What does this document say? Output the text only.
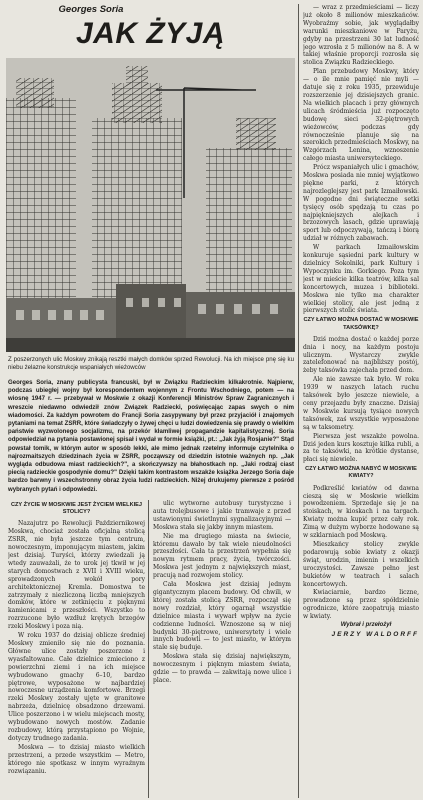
Georges Soria
JAK ŻYJĄ
Z poszerzonych ulic Moskwy znikają resztki małych domków sprzed Rewolucji. Na ich miejsce pnę się ku niebu żelazne konstrukcje wspaniałych wieżowców
Georges Soria, znany publicysta francuski, był w Związku Radzieckim kilkakrotnie. Najpierw, podczas ubiegłej wojny był korespondentem wojennym z Frontu Wschodniego, potem — na wiosnę 1947 r. — przebywał w Moskwie z okazji Konferencji Ministrów Spraw Zagranicznych i wreszcie niedawno odwiedził znów Związek Radziecki, poświęcając zapas swych o nim wiadomości. Za każdym powrotem do Francji Soria zasypywany był przez przyjaciół i znajomych pytaniami na temat ZSRR, które świadczyły o żywej chęci u ludzi dowiedzenia się prawdy o wielkim państwie wyzwolonego socjalizmu, na przekór kłamliwej propagandzie kapitalistycznej. Soria odpowiedział na pytania postawionej spisał i wydał w formie książki, pt.: „Jak żyją Rosjanie?" Stąd powstał tomik, w którym autor w sposób lekki, ale mimo jednak rzetelny informuje czytelnika o najrozmaitszych dziedzinach życia w ZSRR, począwszy od dziedzin istotnie ważnych np. „Jak wygląda odbudowa miast radzieckich?", a skończywszy na błahostkach np. „Jaki rodzaj ciast piecią radzieckie gospodynie domu?" Dzięki takim kontrastom wszakże książka Jerzego Soria daje bardzo barwny i wszechstronny obraz życia ludzi radzieckich. Niżej drukujemy pierwsze z pośród wybranych pytań i odpowiedzi.
CZY ŻYCIE W MOSKWIE JEST ŻYCIEM WIELKIEJ STOLICY?

Nazajutrz po Rewolucji Październikowej Moskwa, chociaż została oficjalną stolicą ZSRR, nie była jeszcze tym centrum, nowoczesnym, imponującym miastem, jakim jest dzisiaj. Turyści, którzy zwiedzali ją wtedy zauważali, że to urok jej tkwił w jej starych domostwach z XVII i XVIII wieku, sprowadzonych wokół pory architektonicznej Kremla. Domostwa te zatrzymały z niezliczoną liczbą mniejszych domków, które w zetknięciu z pięknymi kamienicami z przeszłości. Wszystko to rozrzucone było wzdłuż krętych brzegów rzeki Moskwy i poza nią.

W roku 1937 do dzisiaj oblicze średniej Moskwy zmieniło się nie do poznania. Główne ulice zostały poszerzone i wyasfaltowane. Całe dzielnice zmieciono z powierzchni ziemi i na ich miejsce wybudowano gmachy 6–10, bardzo piętrowe, wyposażone w najbardziej nowoczesne urządzenia komfortowe. Brzegi rzeki Moskwy zostały ujęte w granitowe nabrzeża, dzielnicę obsadzono drzewami. Ulice poszerzono i w wielu miejscach mosty, wybudowano nowych mostów. Zadanie rozbudowy, którą przystąpiono po Wojnie, dotyczy trudnego zadania.

Moskwa — to dzisiaj miasto wielkich przestrzeni, a przede wszystkim — Metro, którego nie spotkasz w innym wyraźnym rozwiązaniu.

ulic wytworne autobusy turystyczne i auta trolejbusowe i jakie tramwaje z przed ustawionymi świetlnymi sygnalizacyjnymi — Moskwa stała się jakby innym miastem.

Nie ma drugiego miasta na świecie, któremu dawało by tak wiele nieudolności przeszłości. Cała ta przestrzeń wypełnia się nowym rytmem pracy, życia, twórczości. Moskwa jest jednym z największych miast, pracują nad rozwojem stolicy.

Cała Moskwa jest dzisiaj jednym gigantycznym placem budowy. Od chwili, w której została stolicą ZSRR, rozpoczął się nowy rozdział, który ogarnął wszystkie dzielnice miasta i wywarł wpływ na życie codzienne ludności. Wznoszone są w niej budynki 30-piętrowe, uniwersytety i wiele innych budowli — to jest miasto, w którym stale się buduje.

Moskwa stała się dzisiaj największym, nowoczesnym i pięknym miastem świata, gdzie — to prawda — zakwitają nowe ulice i place.

— wraz z przedmieściami — liczy już około 8 milionów mieszkańców. Wyobraźmy sobie, jak wyglądałby warunki mieszkaniowe w Paryżu, gdyby na przestrzeni 30 lat ludność jego wzrosła z 5 milionów na 8. A w takiej właśnie proporcji rozrosła się stolica Związku Radzieckiego.

Plan przebudowy Moskwy, który — o ile mnie pamięć nie myli — datuje się z roku 1935, przewiduje rozszerzenie jej dzisiejszych granic. Na wielkich placach i przy głównych ulicach śródmieścia już rozpoczęto budowę sieci 32-piętrowych wieżowców, podczas gdy równocześnie planuje się na szerokich przedmieściach Moskwy, na Wzgórzach Lenina, wznoszenie całego miasta uniwersyteckiego.

Prócz wspaniałych ulic i gmachów, Moskwa posiada nie mniej wyjątkowo piękne parki, z których najrozleglejszy jest park Izmaiłowski. W pogodne dni świąteczne setki tysięcy osób spędzają tu czas po najpiękniejszych alejkach i brzozowych lasach, gdzie uprawiają sport lub odpoczywają, tańczą i biorą udział w różnych zabawach.

W parkach Izmaiłowskim konkuruje sąsiedni park kultury w dzielnicy Sokolniki, park Kultury i Wypoczynku im. Gorkiego. Poza tym jest w mieście kilka teatrów, kilka sal koncertowych, muzea i biblioteki. Moskwa nie tylko ma charakter wielkiej stolicy, ale jest jedną z pierwszych stolic świata.

CZY ŁATWO MOŻNA DOSTAĆ W MOSKWIE TAKSÓWKĘ?

Dziś można dostać o każdej porze dnia i nocy, na każdym postoju ulicznym. Wystarczy zwykle zatelefonować na najbliższy postój, żeby taksówka zajechała przed dom.

Ale nie zawsze tak było. W roku 1939 w naszych latach ruchu taksówek było jeszcze niewiele, a ceny przejazdu były znaczne. Dzisiaj w Moskwie kursują tysiące nowych taksówek, zaś wszystkie wyposażone są w taksometry.

Pierwsza jest wszakże powolna. Dziś jeden kurs kosztuje kilka rubli, a za te taksówki, na krótkie dystanse, płaci się niewiele.

CZY ŁATWO MOŻNA NABYĆ W MOSKWIE KWIATY?

Podkreślić kwiatów od dawna cieszą się w Moskwie wielkim powodzeniem. Sprzedaje się je na stoiskach, w kioskach i na targach. Kwiaty można kupić przez cały rok. Zimą w dużym wyborze hodowane są w szklarniach pod Moskwą.

Mieszkańcy stolicy zwykle podarowują sobie kwiaty z okazji świąt, urodzin, imienin i wszelkich uroczystości. Zawsze pełno jest bukietów w teatrach i salach koncertowych.

Kwiaciarnie, bardzo liczne, prowadzone są przez spółdzielnie ogrodnicze, które zaopatrują miasto w kwiaty.

Wybrał i przełożył

JERZY WALDORFF
